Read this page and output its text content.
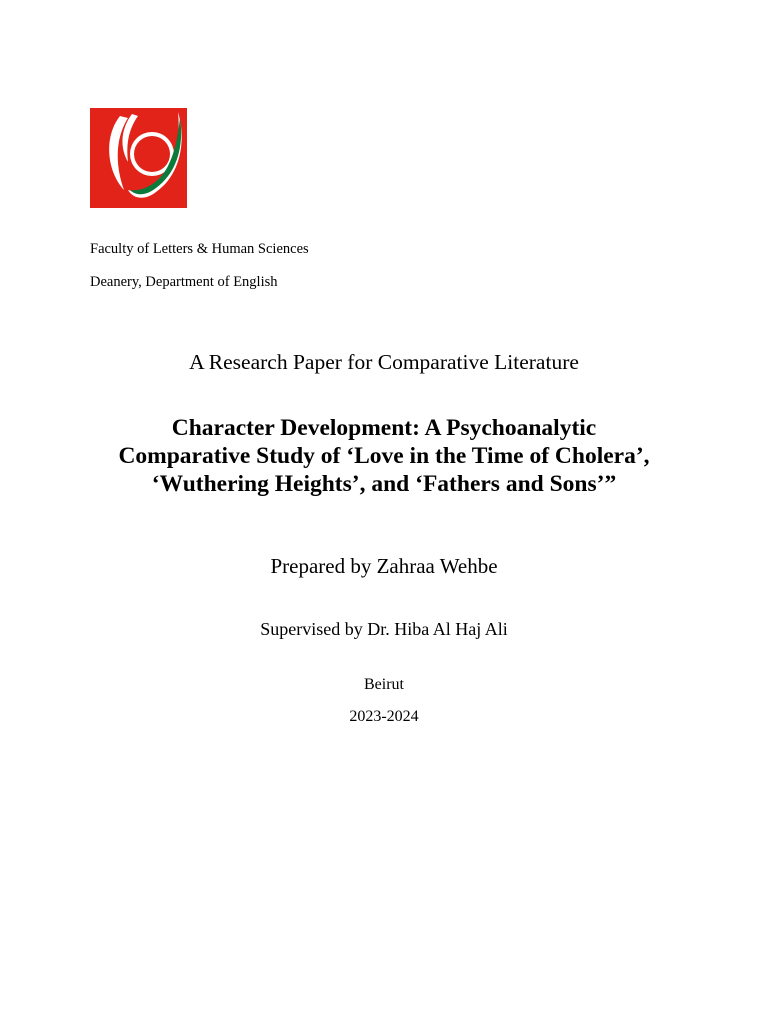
Faculty of Letters & Human Sciences
Deanery, Department of English
A Research Paper for Comparative Literature
Character Development: A Psychoanalytic
Comparative Study of ‘Love in the Time of Cholera’,
‘Wuthering Heights’, and ‘Fathers and Sons’”
Prepared by Zahraa Wehbe
Supervised by Dr. Hiba Al Haj Ali
Beirut
2023-2024
